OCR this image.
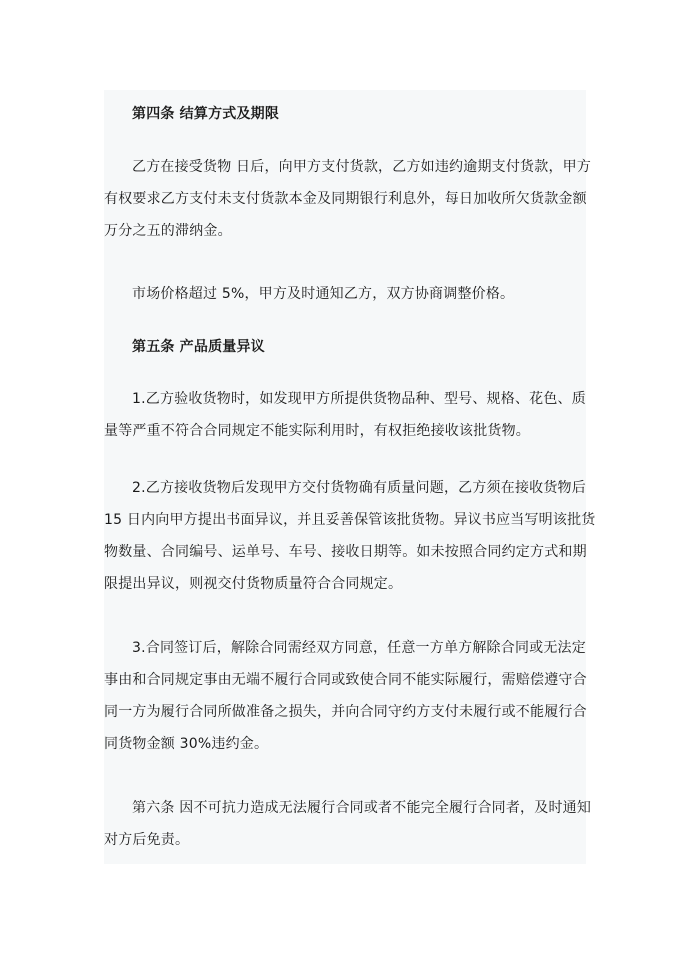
第四条 结算方式及期限
乙方在接受货物 日后，向甲方支付货款，乙方如违约逾期支付货款，甲方
有权要求乙方支付未支付货款本金及同期银行利息外，每日加收所欠货款金额
万分之五的滞纳金。
市场价格超过 5%，甲方及时通知乙方，双方协商调整价格。
第五条 产品质量异议
1.乙方验收货物时，如发现甲方所提供货物品种、型号、规格、花色、质
量等严重不符合合同规定不能实际利用时，有权拒绝接收该批货物。
2.乙方接收货物后发现甲方交付货物确有质量问题，乙方须在接收货物后
15 日内向甲方提出书面异议，并且妥善保管该批货物。异议书应当写明该批货
物数量、合同编号、运单号、车号、接收日期等。如未按照合同约定方式和期
限提出异议，则视交付货物质量符合合同规定。
3.合同签订后，解除合同需经双方同意，任意一方单方解除合同或无法定
事由和合同规定事由无端不履行合同或致使合同不能实际履行，需赔偿遵守合
同一方为履行合同所做准备之损失，并向合同守约方支付未履行或不能履行合
同货物金额 30%违约金。
第六条 因不可抗力造成无法履行合同或者不能完全履行合同者，及时通知
对方后免责。
